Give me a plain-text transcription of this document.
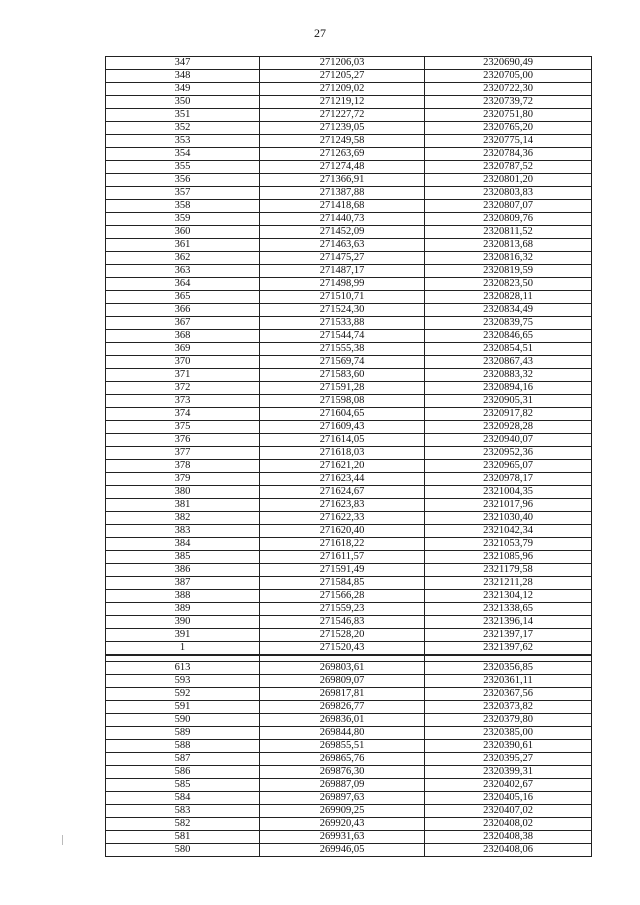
27
347	271206,03	2320690,49
348	271205,27	2320705,00
349	271209,02	2320722,30
350	271219,12	2320739,72
351	271227,72	2320751,80
352	271239,05	2320765,20
353	271249,58	2320775,14
354	271263,69	2320784,36
355	271274,48	2320787,52
356	271366,91	2320801,20
357	271387,88	2320803,83
358	271418,68	2320807,07
359	271440,73	2320809,76
360	271452,09	2320811,52
361	271463,63	2320813,68
362	271475,27	2320816,32
363	271487,17	2320819,59
364	271498,99	2320823,50
365	271510,71	2320828,11
366	271524,30	2320834,49
367	271533,88	2320839,75
368	271544,74	2320846,65
369	271555,38	2320854,51
370	271569,74	2320867,43
371	271583,60	2320883,32
372	271591,28	2320894,16
373	271598,08	2320905,31
374	271604,65	2320917,82
375	271609,43	2320928,28
376	271614,05	2320940,07
377	271618,03	2320952,36
378	271621,20	2320965,07
379	271623,44	2320978,17
380	271624,67	2321004,35
381	271623,83	2321017,96
382	271622,33	2321030,40
383	271620,40	2321042,34
384	271618,22	2321053,79
385	271611,57	2321085,96
386	271591,49	2321179,58
387	271584,85	2321211,28
388	271566,28	2321304,12
389	271559,23	2321338,65
390	271546,83	2321396,14
391	271528,20	2321397,17
1	271520,43	2321397,62

613	269803,61	2320356,85
593	269809,07	2320361,11
592	269817,81	2320367,56
591	269826,77	2320373,82
590	269836,01	2320379,80
589	269844,80	2320385,00
588	269855,51	2320390,61
587	269865,76	2320395,27
586	269876,30	2320399,31
585	269887,09	2320402,67
584	269897,63	2320405,16
583	269909,25	2320407,02
582	269920,43	2320408,02
581	269931,63	2320408,38
580	269946,05	2320408,06
